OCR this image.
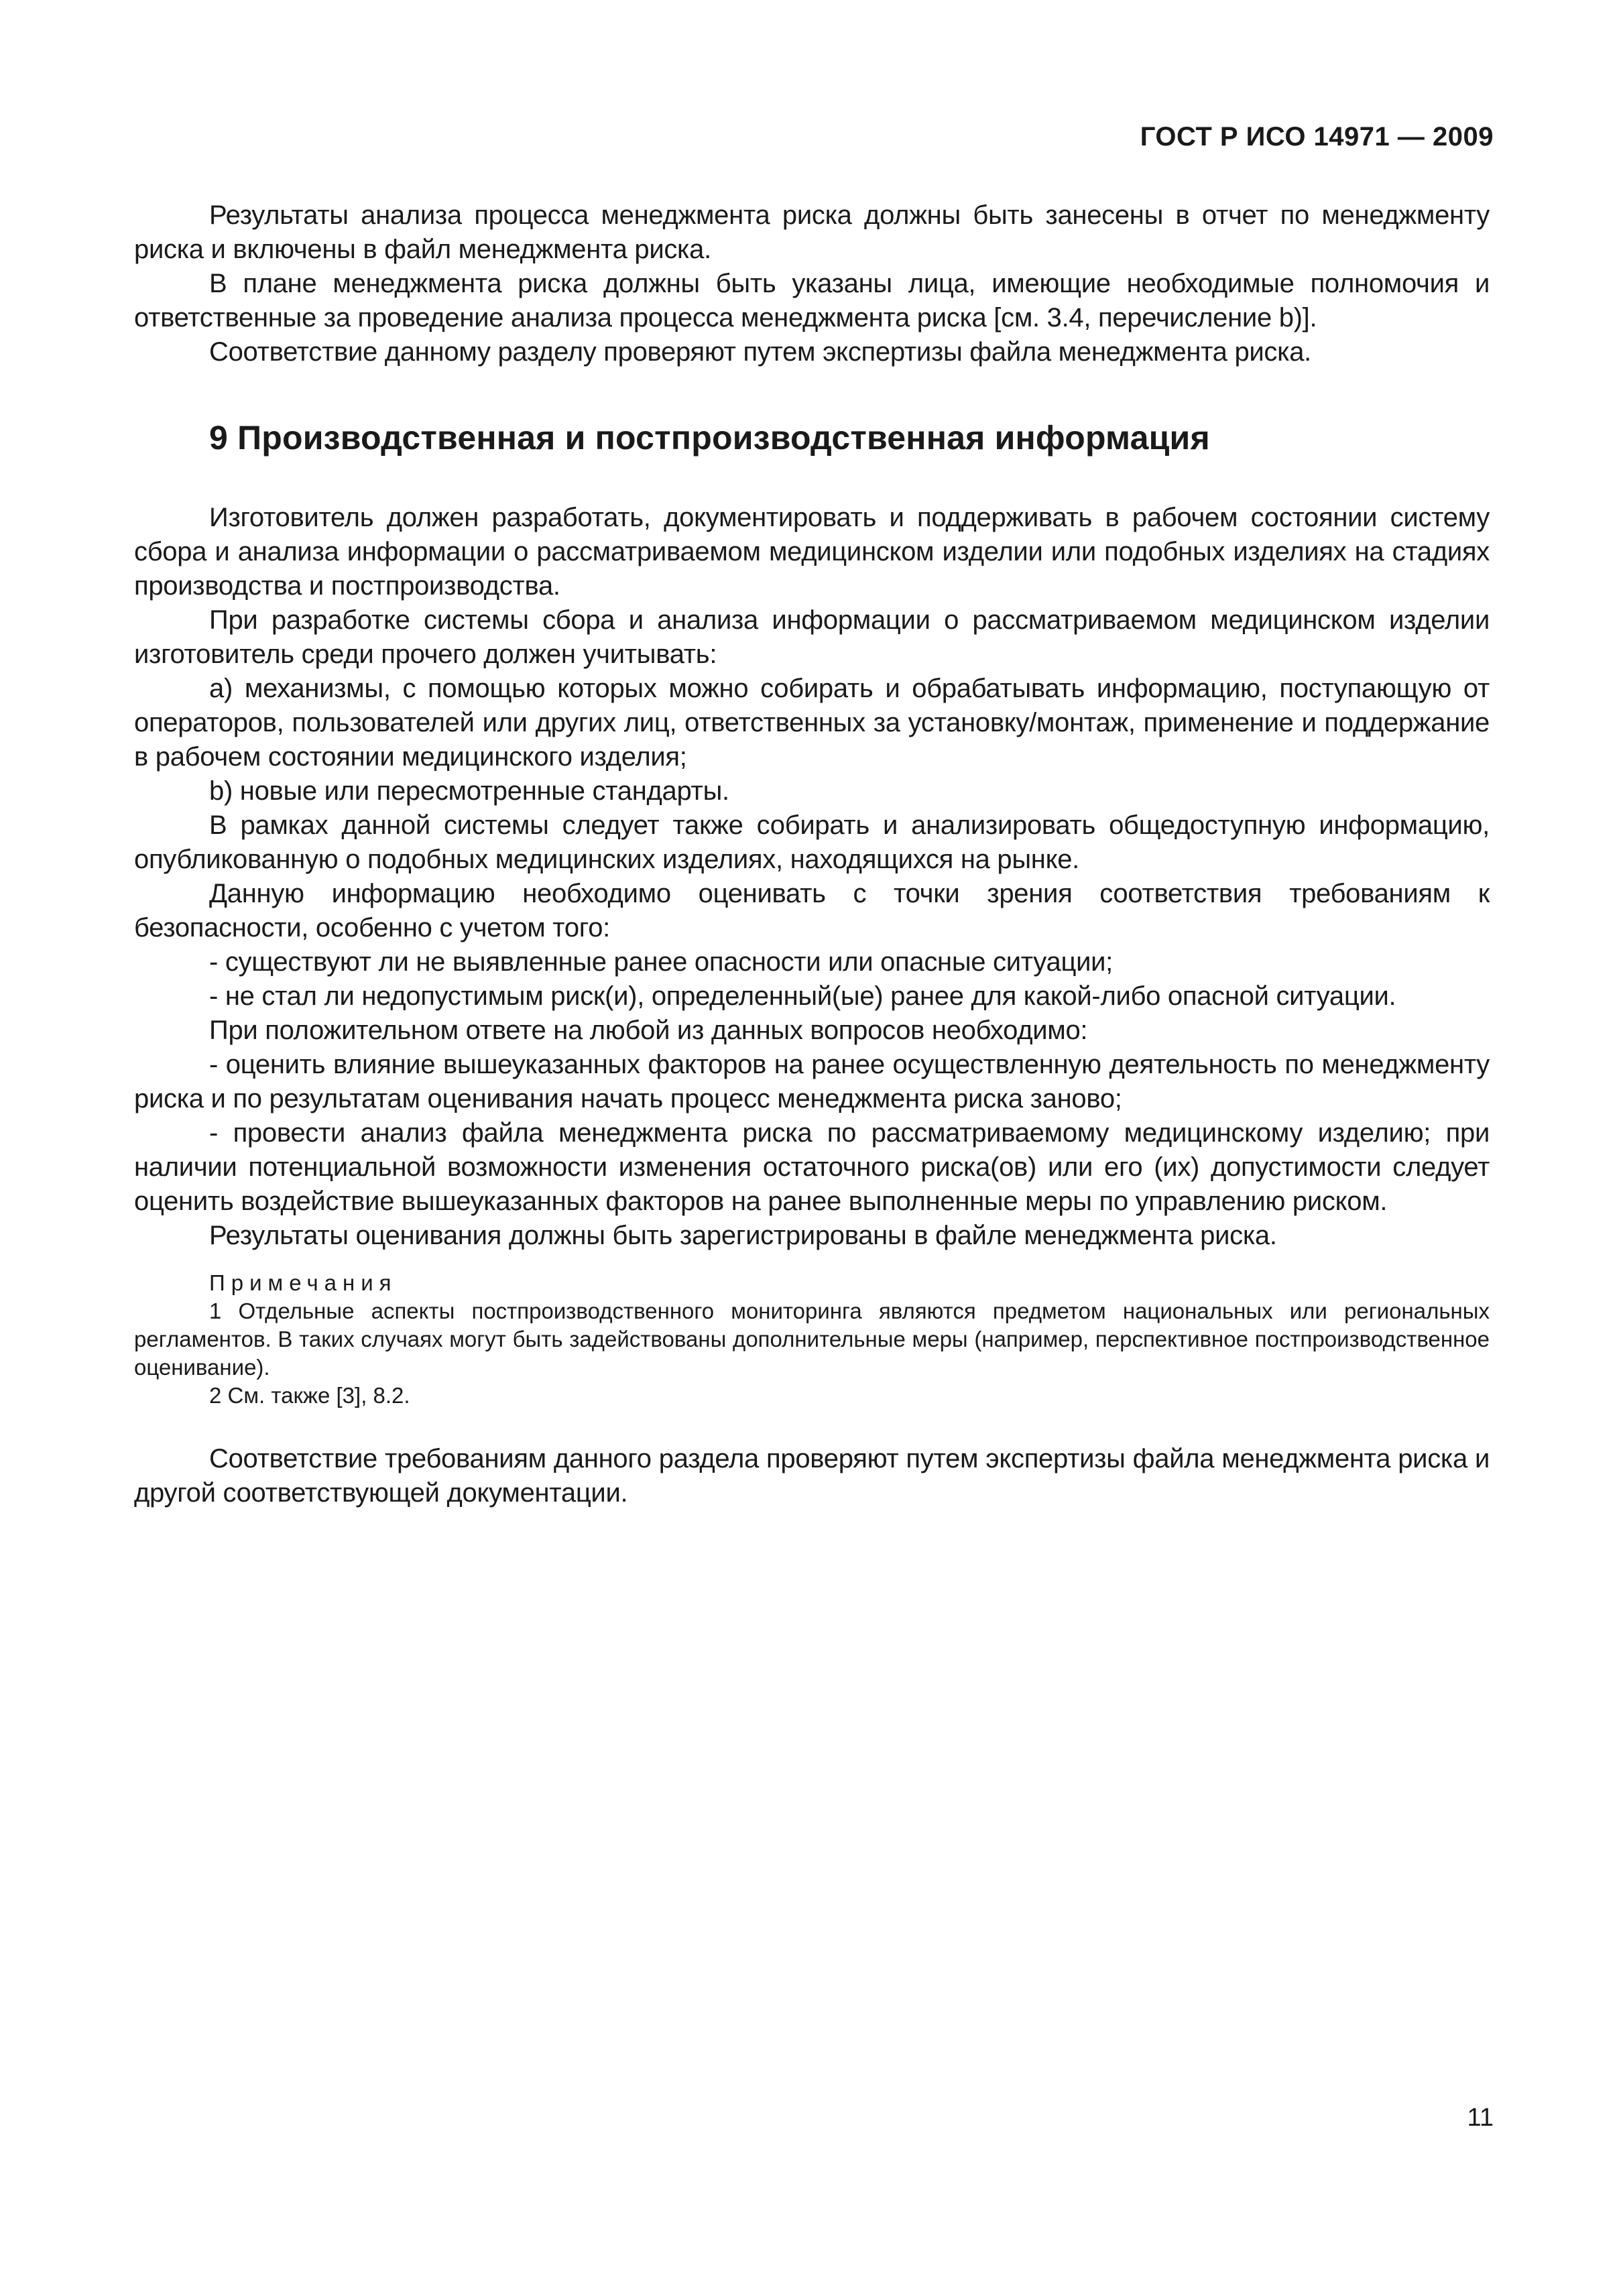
ГОСТ Р ИСО 14971 — 2009

Результаты анализа процесса менеджмента риска должны быть занесены в отчет по менеджменту риска и включены в файл менеджмента риска.

В плане менеджмента риска должны быть указаны лица, имеющие необходимые полномочия и ответственные за проведение анализа процесса менеджмента риска [см. 3.4, перечисление b)].

Соответствие данному разделу проверяют путем экспертизы файла менеджмента риска.

9 Производственная и постпроизводственная информация

Изготовитель должен разработать, документировать и поддерживать в рабочем состоянии систему сбора и анализа информации о рассматриваемом медицинском изделии или подобных изделиях на стадиях производства и постпроизводства.

При разработке системы сбора и анализа информации о рассматриваемом медицинском изделии изготовитель среди прочего должен учитывать:

a) механизмы, с помощью которых можно собирать и обрабатывать информацию, поступающую от операторов, пользователей или других лиц, ответственных за установку/монтаж, применение и поддержание в рабочем состоянии медицинского изделия;

b) новые или пересмотренные стандарты.

В рамках данной системы следует также собирать и анализировать общедоступную информацию, опубликованную о подобных медицинских изделиях, находящихся на рынке.

Данную информацию необходимо оценивать с точки зрения соответствия требованиям к безопасности, особенно с учетом того:

- существуют ли не выявленные ранее опасности или опасные ситуации;

- не стал ли недопустимым риск(и), определенный(ые) ранее для какой-либо опасной ситуации.

При положительном ответе на любой из данных вопросов необходимо:

- оценить влияние вышеуказанных факторов на ранее осуществленную деятельность по менеджменту риска и по результатам оценивания начать процесс менеджмента риска заново;

- провести анализ файла менеджмента риска по рассматриваемому медицинскому изделию; при наличии потенциальной возможности изменения остаточного риска(ов) или его (их) допустимости следует оценить воздействие вышеуказанных факторов на ранее выполненные меры по управлению риском.

Результаты оценивания должны быть зарегистрированы в файле менеджмента риска.

Примечания

1 Отдельные аспекты постпроизводственного мониторинга являются предметом национальных или региональных регламентов. В таких случаях могут быть задействованы дополнительные меры (например, перспективное постпроизводственное оценивание).

2 См. также [3], 8.2.

Соответствие требованиям данного раздела проверяют путем экспертизы файла менеджмента риска и другой соответствующей документации.

11
